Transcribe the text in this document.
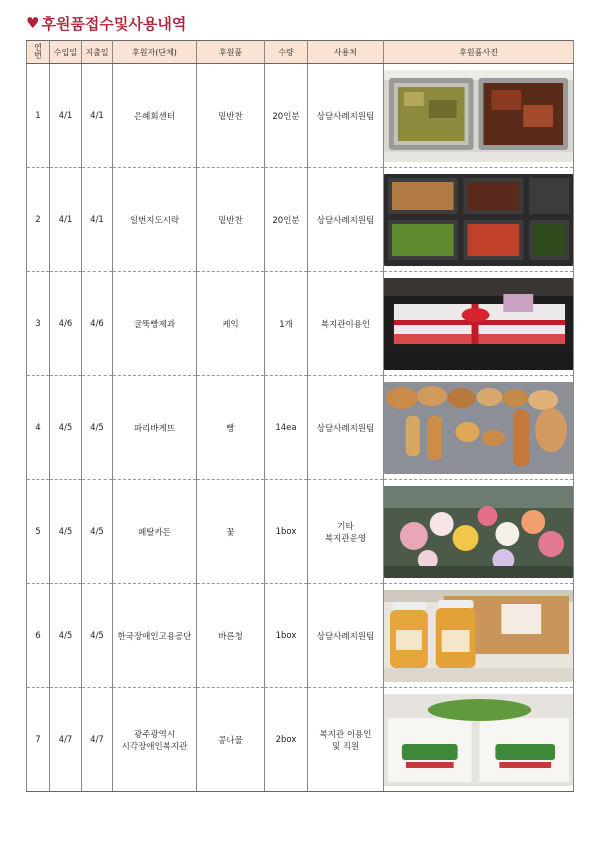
♥ 후원품접수및사용내역
연
번	수입일	지출일	후원자(단체)	후원품	수량	사용처	후원품사진
1	4/1	4/1	은혜회센터	밑반찬	20인분	상담사례지원팀	

2	4/1	4/1	일번지도시락	밑반찬	20인분	상담사례지원팀	

3	4/6	4/6	굴뚝빵제과	케익	1개	복지관이용인	

4	4/5	4/5	파리바게뜨	빵	14ea	상담사례지원팀	

5	4/5	4/5	페탈카든	꽃	1box	기타
복지관운영	

6	4/5	4/5	한국장애인고용공단	바른청	1box	상담사례지원팀	

7	4/7	4/7	광주광역시
시각장애인복지관	콩나물	2box	복지관 이용인
및 직원	
